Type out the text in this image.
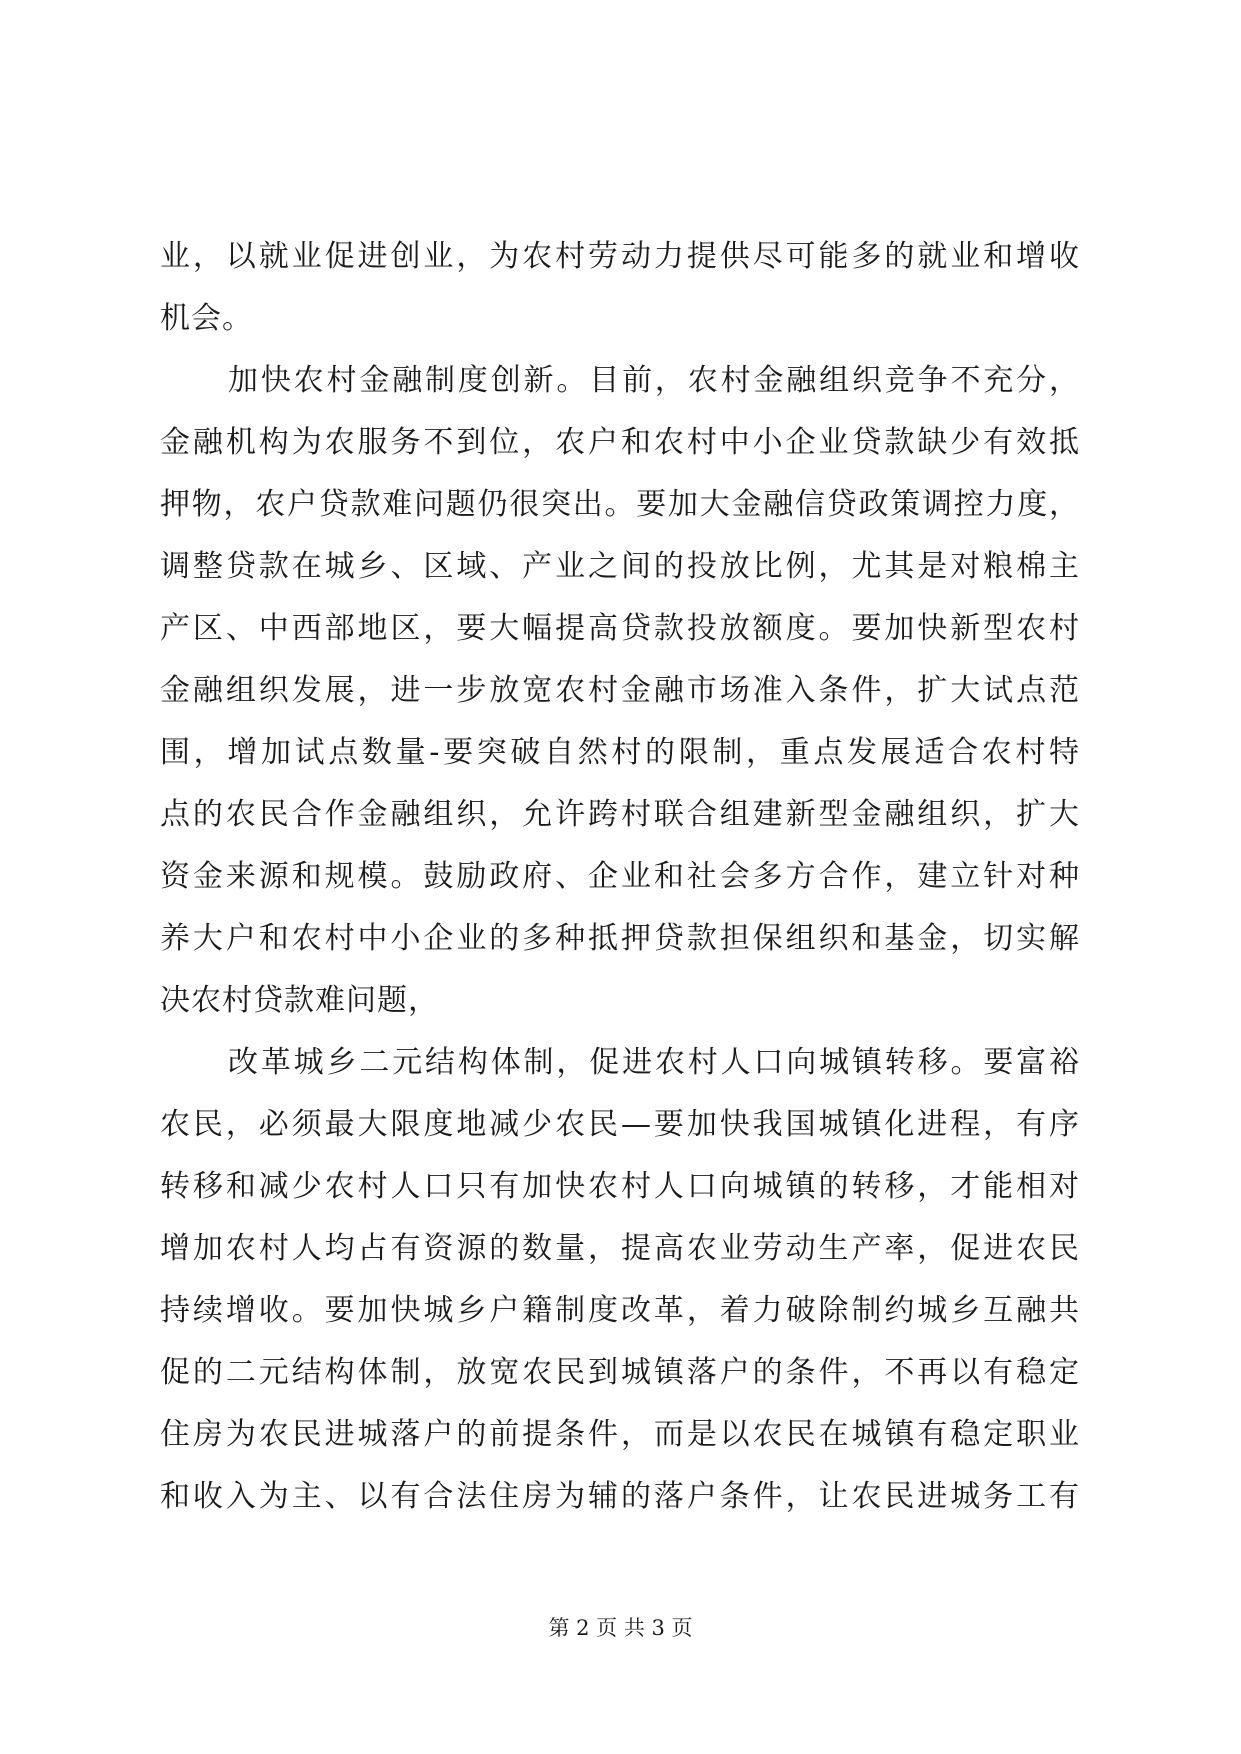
业，以就业促进创业，为农村劳动力提供尽可能多的就业和增收
机会。
加快农村金融制度创新。目前，农村金融组织竞争不充分，
金融机构为农服务不到位，农户和农村中小企业贷款缺少有效抵
押物，农户贷款难问题仍很突出。要加大金融信贷政策调控力度，
调整贷款在城乡、区域、产业之间的投放比例，尤其是对粮棉主
产区、中西部地区，要大幅提高贷款投放额度。要加快新型农村
金融组织发展，进一步放宽农村金融市场准入条件，扩大试点范
围，增加试点数量-要突破自然村的限制，重点发展适合农村特
点的农民合作金融组织，允许跨村联合组建新型金融组织，扩大
资金来源和规模。鼓励政府、企业和社会多方合作，建立针对种
养大户和农村中小企业的多种抵押贷款担保组织和基金，切实解
决农村贷款难问题，
改革城乡二元结构体制，促进农村人口向城镇转移。要富裕
农民，必须最大限度地减少农民—要加快我国城镇化进程，有序
转移和减少农村人口只有加快农村人口向城镇的转移，才能相对
增加农村人均占有资源的数量，提高农业劳动生产率，促进农民
持续增收。要加快城乡户籍制度改革，着力破除制约城乡互融共
促的二元结构体制，放宽农民到城镇落户的条件，不再以有稳定
住房为农民进城落户的前提条件，而是以农民在城镇有稳定职业
和收入为主、以有合法住房为辅的落户条件，让农民进城务工有
第 2 页 共 3 页
